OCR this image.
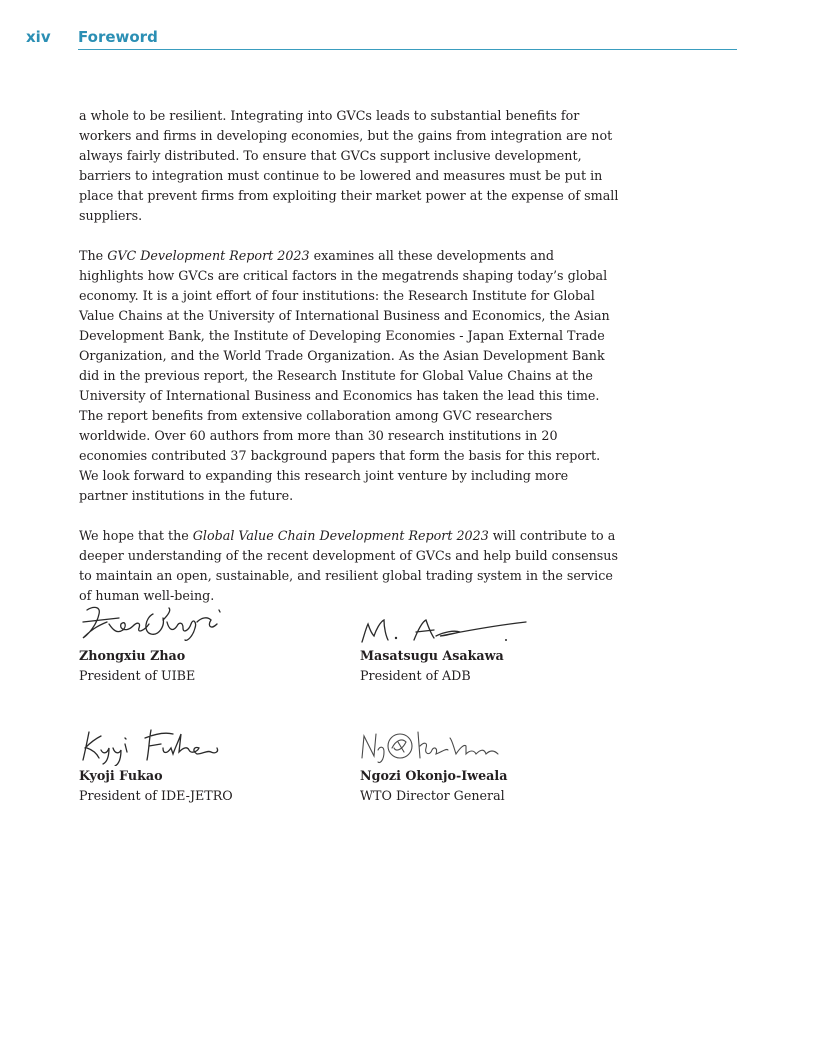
xiv Foreword

a whole to be resilient. Integrating into GVCs leads to substantial benefits for workers and firms in developing economies, but the gains from integration are not always fairly distributed. To ensure that GVCs support inclusive development, barriers to integration must continue to be lowered and measures must be put in place that prevent firms from exploiting their market power at the expense of small suppliers.

The GVC Development Report 2023 examines all these developments and highlights how GVCs are critical factors in the megatrends shaping today’s global economy. It is a joint effort of four institutions: the Research Institute for Global Value Chains at the University of International Business and Economics, the Asian Development Bank, the Institute of Developing Economies - Japan External Trade Organization, and the World Trade Organization. As the Asian Development Bank did in the previous report, the Research Institute for Global Value Chains at the University of International Business and Economics has taken the lead this time. The report benefits from extensive collaboration among GVC researchers worldwide. Over 60 authors from more than 30 research institutions in 20 economies contributed 37 background papers that form the basis for this report. We look forward to expanding this research joint venture by including more partner institutions in the future.

We hope that the Global Value Chain Development Report 2023 will contribute to a deeper understanding of the recent development of GVCs and help build consensus to maintain an open, sustainable, and resilient global trading system in the service of human well-being.

Zhongxiu Zhao
President of UIBE
Masatsugu Asakawa
President of ADB
Kyoji Fukao
President of IDE-JETRO
Ngozi Okonjo-Iweala
WTO Director General
